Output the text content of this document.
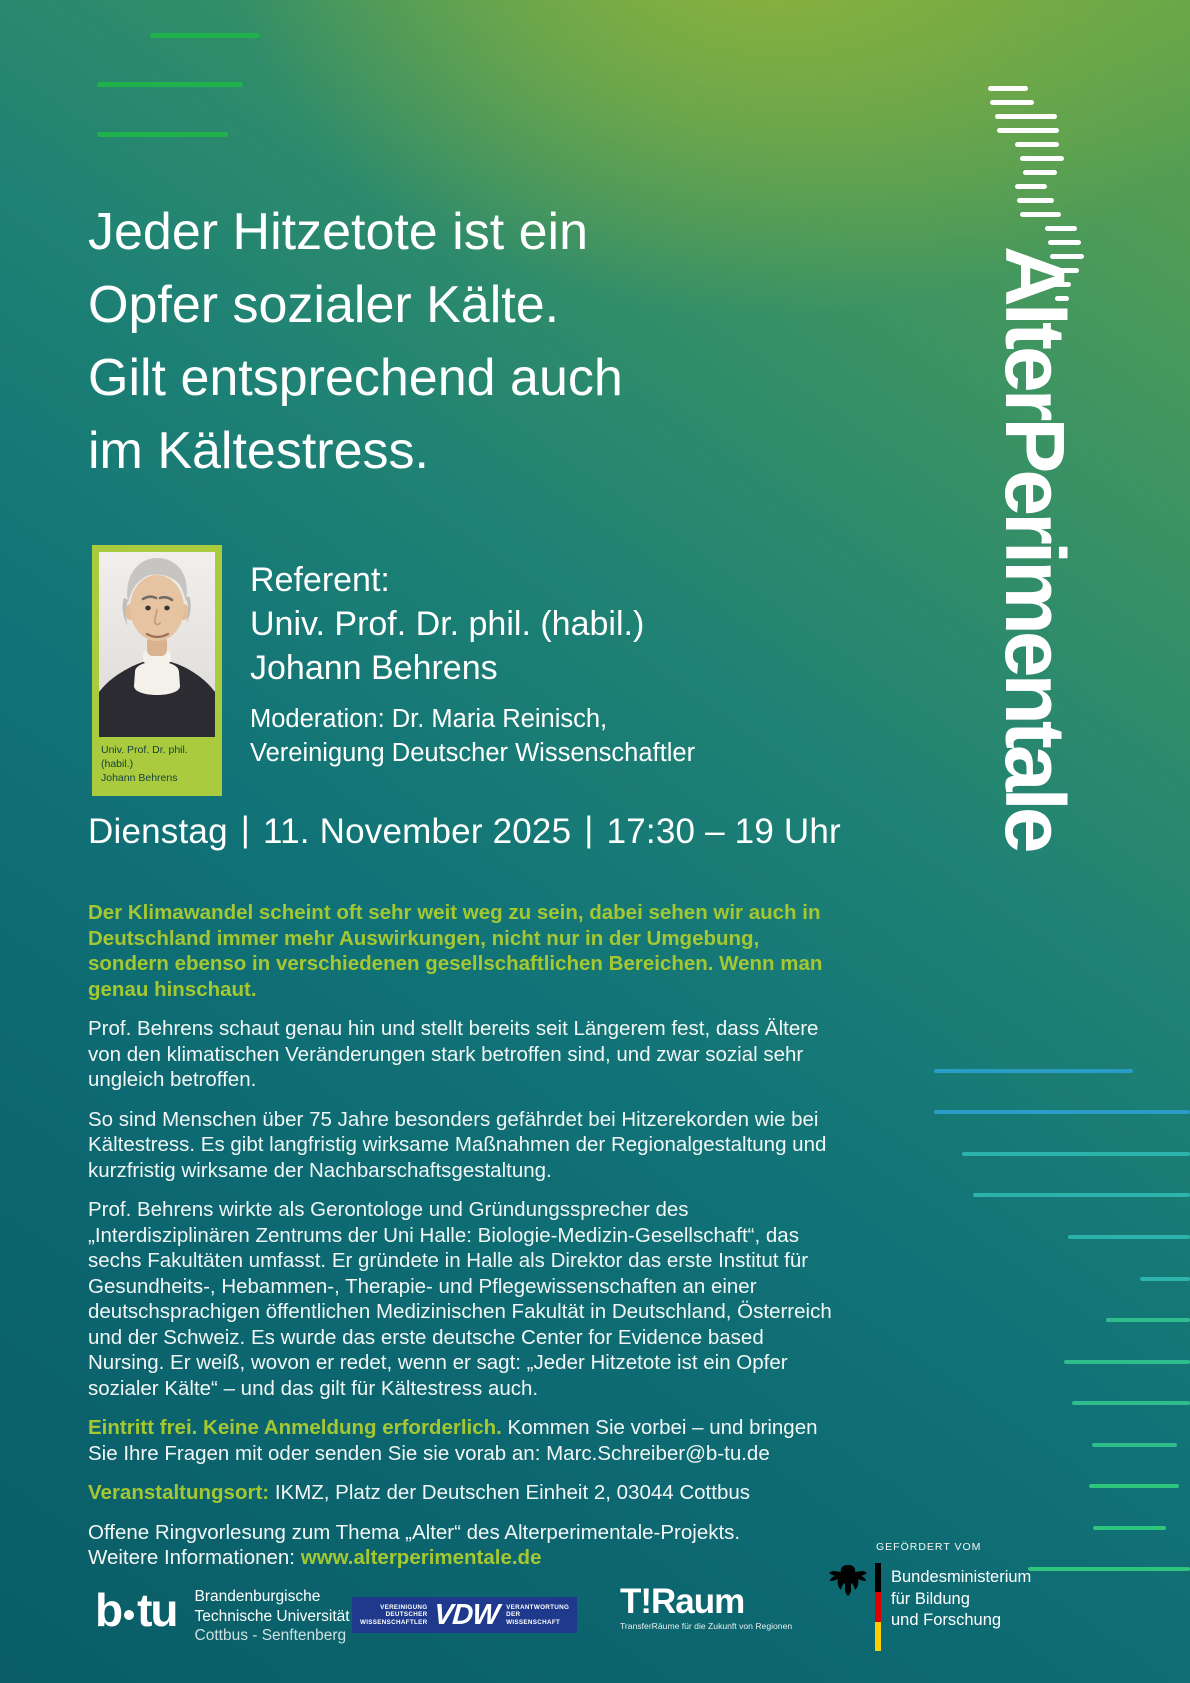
AlterPerimentale
Jeder Hitzetote ist ein
Opfer sozialer Kälte.
Gilt entsprechend auch
im Kältestress.
Univ. Prof. Dr. phil. (habil.)
Johann Behrens
Referent:
Univ. Prof. Dr. phil. (habil.)
Johann Behrens
Moderation: Dr. Maria Reinisch,
Vereinigung Deutscher Wissenschaftler
Dienstag | 11. November 2025 | 17:30 – 19 Uhr

Der Klimawandel scheint oft sehr weit weg zu sein, dabei sehen wir auch in Deutschland immer mehr Auswirkungen, nicht nur in der Umgebung, sondern ebenso in verschiedenen gesellschaftlichen Bereichen. Wenn man genau hinschaut.

Prof. Behrens schaut genau hin und stellt bereits seit Längerem fest, dass Ältere von den klimatischen Veränderungen stark betroffen sind, und zwar sozial sehr ungleich betroffen.

So sind Menschen über 75 Jahre besonders gefährdet bei Hitzerekorden wie bei Kältestress. Es gibt langfristig wirksame Maßnahmen der Regionalgestaltung und kurzfristig wirksame der Nachbarschaftsgestaltung.

Prof. Behrens wirkte als Gerontologe und Gründungssprecher des „Interdisziplinären Zentrums der Uni Halle: Biologie-Medizin-Gesellschaft“, das sechs Fakultäten umfasst. Er gründete in Halle als Direktor das erste Institut für Gesundheits-, Hebammen-, Therapie- und Pflegewissenschaften an einer deutschsprachigen öffentlichen Medizinischen Fakultät in Deutschland, Österreich und der Schweiz. Es wurde das erste deutsche Center for Evidence based Nursing. Er weiß, wovon er redet, wenn er sagt: „Jeder Hitzetote ist ein Opfer sozialer Kälte“ – und das gilt für Kältestress auch.

Eintritt frei. Keine Anmeldung erforderlich. Kommen Sie vorbei – und bringen Sie Ihre Fragen mit oder senden Sie sie vorab an: Marc.Schreiber@b-tu.de

Veranstaltungsort: IKMZ, Platz der Deutschen Einheit 2, 03044 Cottbus

Offene Ringvorlesung zum Thema „Alter“ des Alterperimentale-Projekts.
Weitere Informationen: www.alterperimentale.de	GEFÖRDERT VOM
b tu Brandenburgische
Technische Universität
Cottbus - Senftenberg
VEREINIGUNG
DEUTSCHER
WISSENSCHAFTLER VDW VERANTWORTUNG
DER
WISSENSCHAFT
T!Raum
TransferRäume für die Zukunft von Regionen
Bundesministerium
für Bildung
und Forschung
